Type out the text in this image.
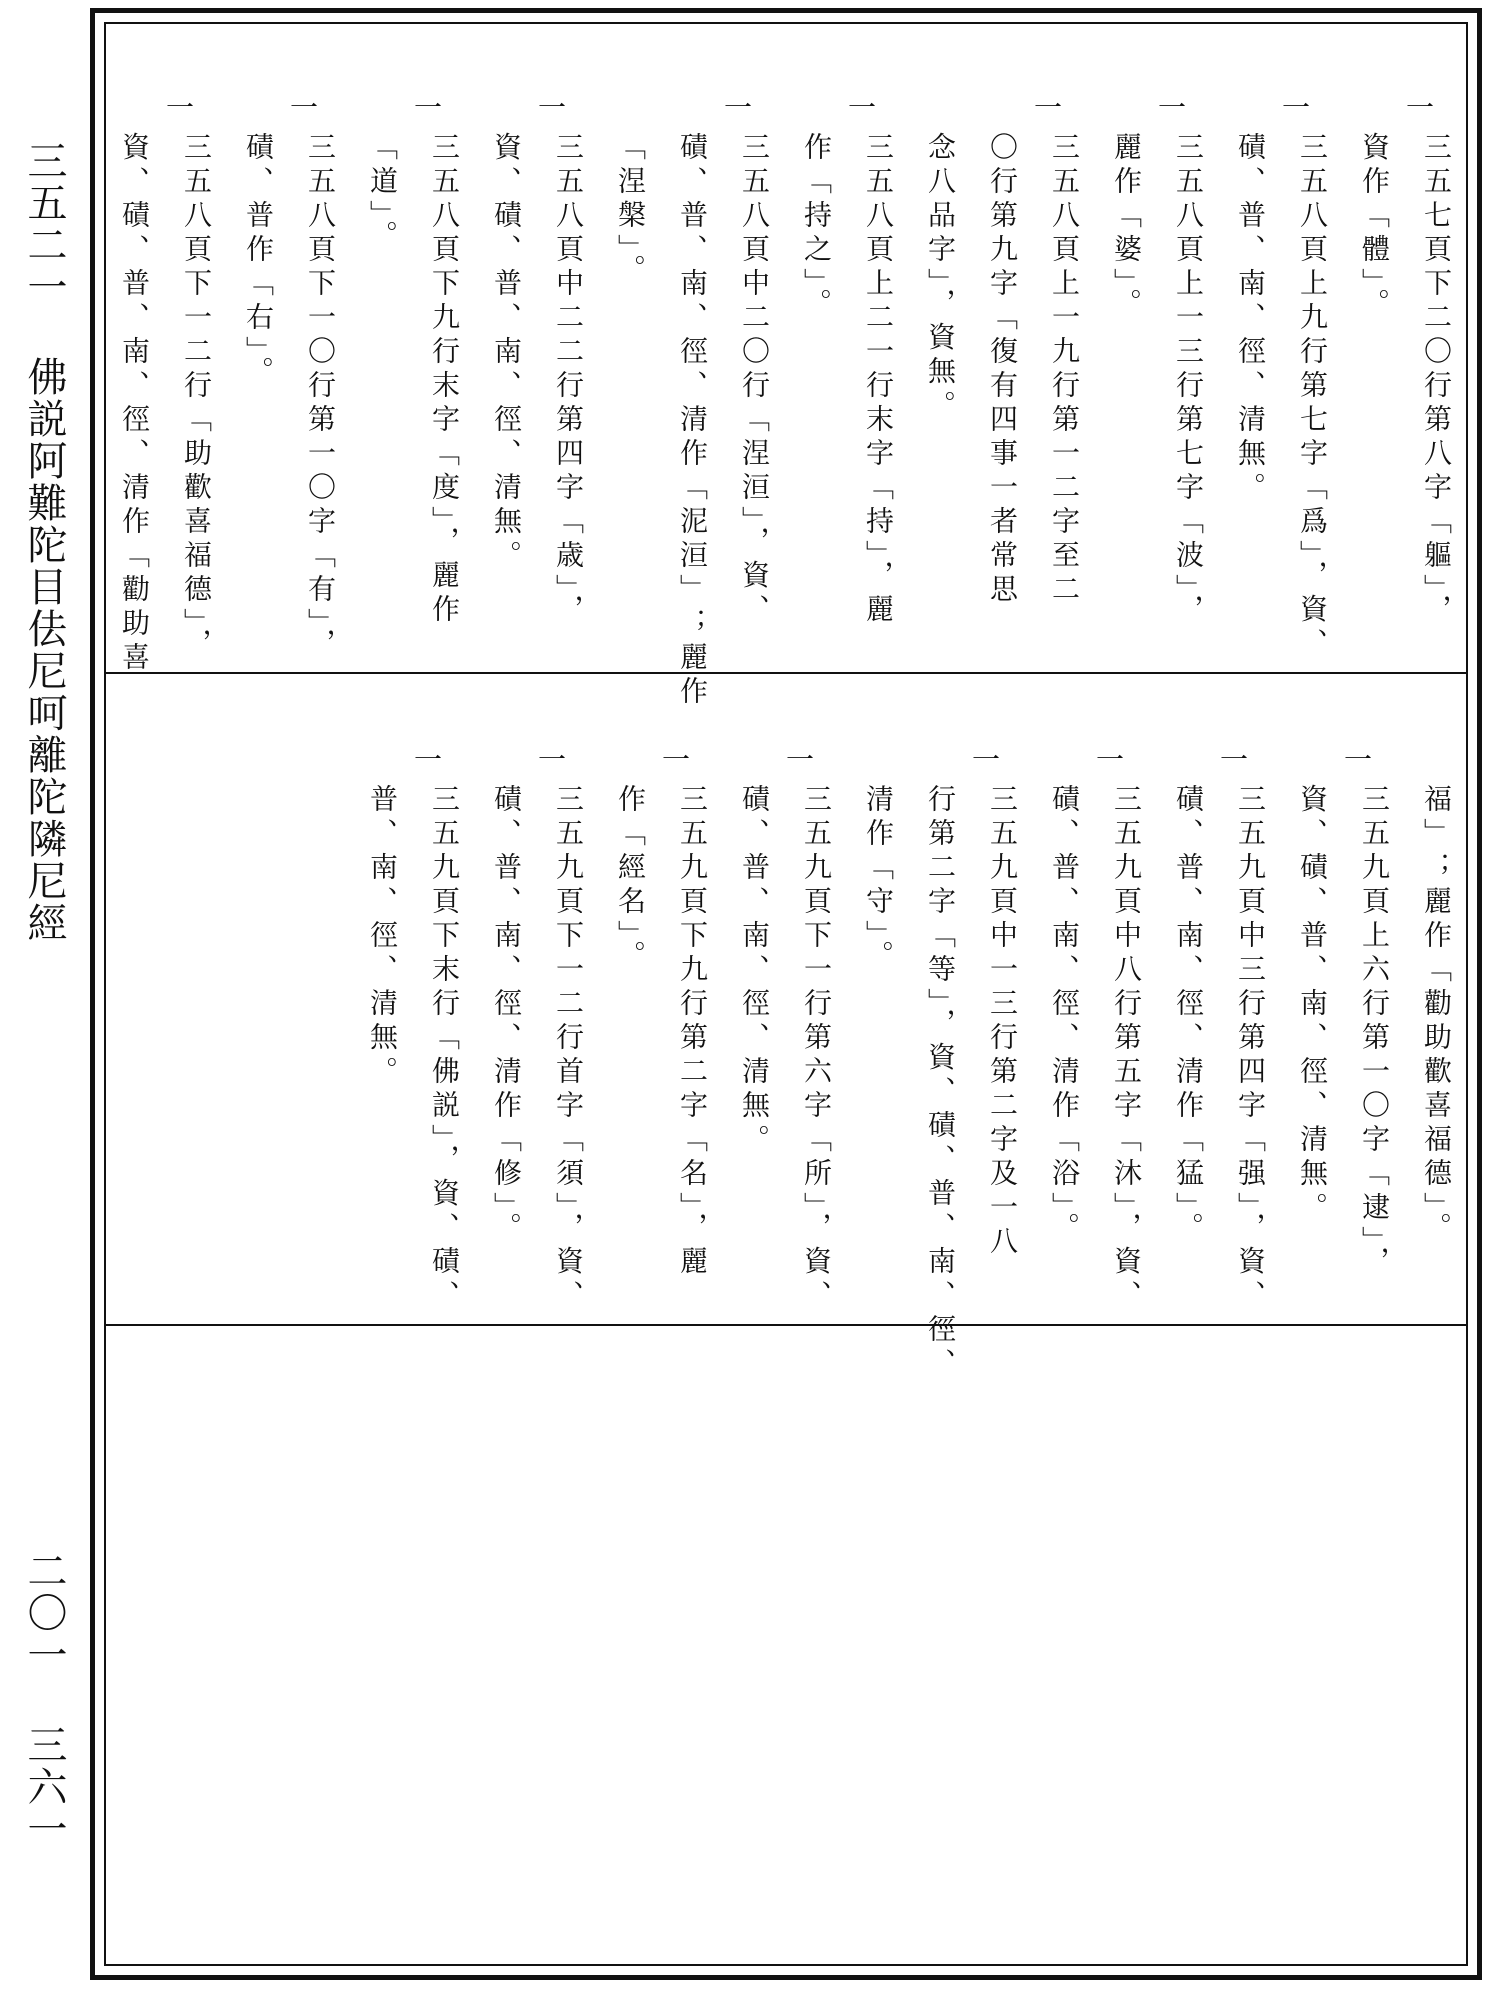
三五二一 佛説阿難陀目佉尼呵離陀隣尼經
二〇一 三六一
一
三五七頁下二〇行第八字「軀」，
資作「體」。
一
三五八頁上九行第七字「爲」，資、
磧、普、南、徑、清無。
一
三五八頁上一三行第七字「波」，
麗作「婆」。
一
三五八頁上一九行第一二字至二
〇行第九字「復有四事一者常思
念八品字」，資無。
一
三五八頁上二一行末字「持」，麗
作「持之」。
一
三五八頁中二〇行「涅洹」，資、
磧、普、南、徑、清作「泥洹」；麗作
「涅槃」。
一
三五八頁中二二行第四字「歳」，
資、磧、普、南、徑、清無。
一
三五八頁下九行末字「度」，麗作
「道」。
一
三五八頁下一〇行第一〇字「有」，
磧、普作「右」。
一
三五八頁下一二行「助歡喜福德」，
資、磧、普、南、徑、清作「勸助喜
福」；麗作「勸助歡喜福德」。
一
三五九頁上六行第一〇字「逮」，
資、磧、普、南、徑、清無。
一
三五九頁中三行第四字「强」，資、
磧、普、南、徑、清作「猛」。
一
三五九頁中八行第五字「沐」，資、
磧、普、南、徑、清作「浴」。
一
三五九頁中一三行第二字及一八
行第二字「等」，資、磧、普、南、徑、
清作「守」。
一
三五九頁下一行第六字「所」，資、
磧、普、南、徑、清無。
一
三五九頁下九行第二字「名」，麗
作「經名」。
一
三五九頁下一二行首字「須」，資、
磧、普、南、徑、清作「修」。
一
三五九頁下末行「佛説」，資、磧、
普、南、徑、清無。
